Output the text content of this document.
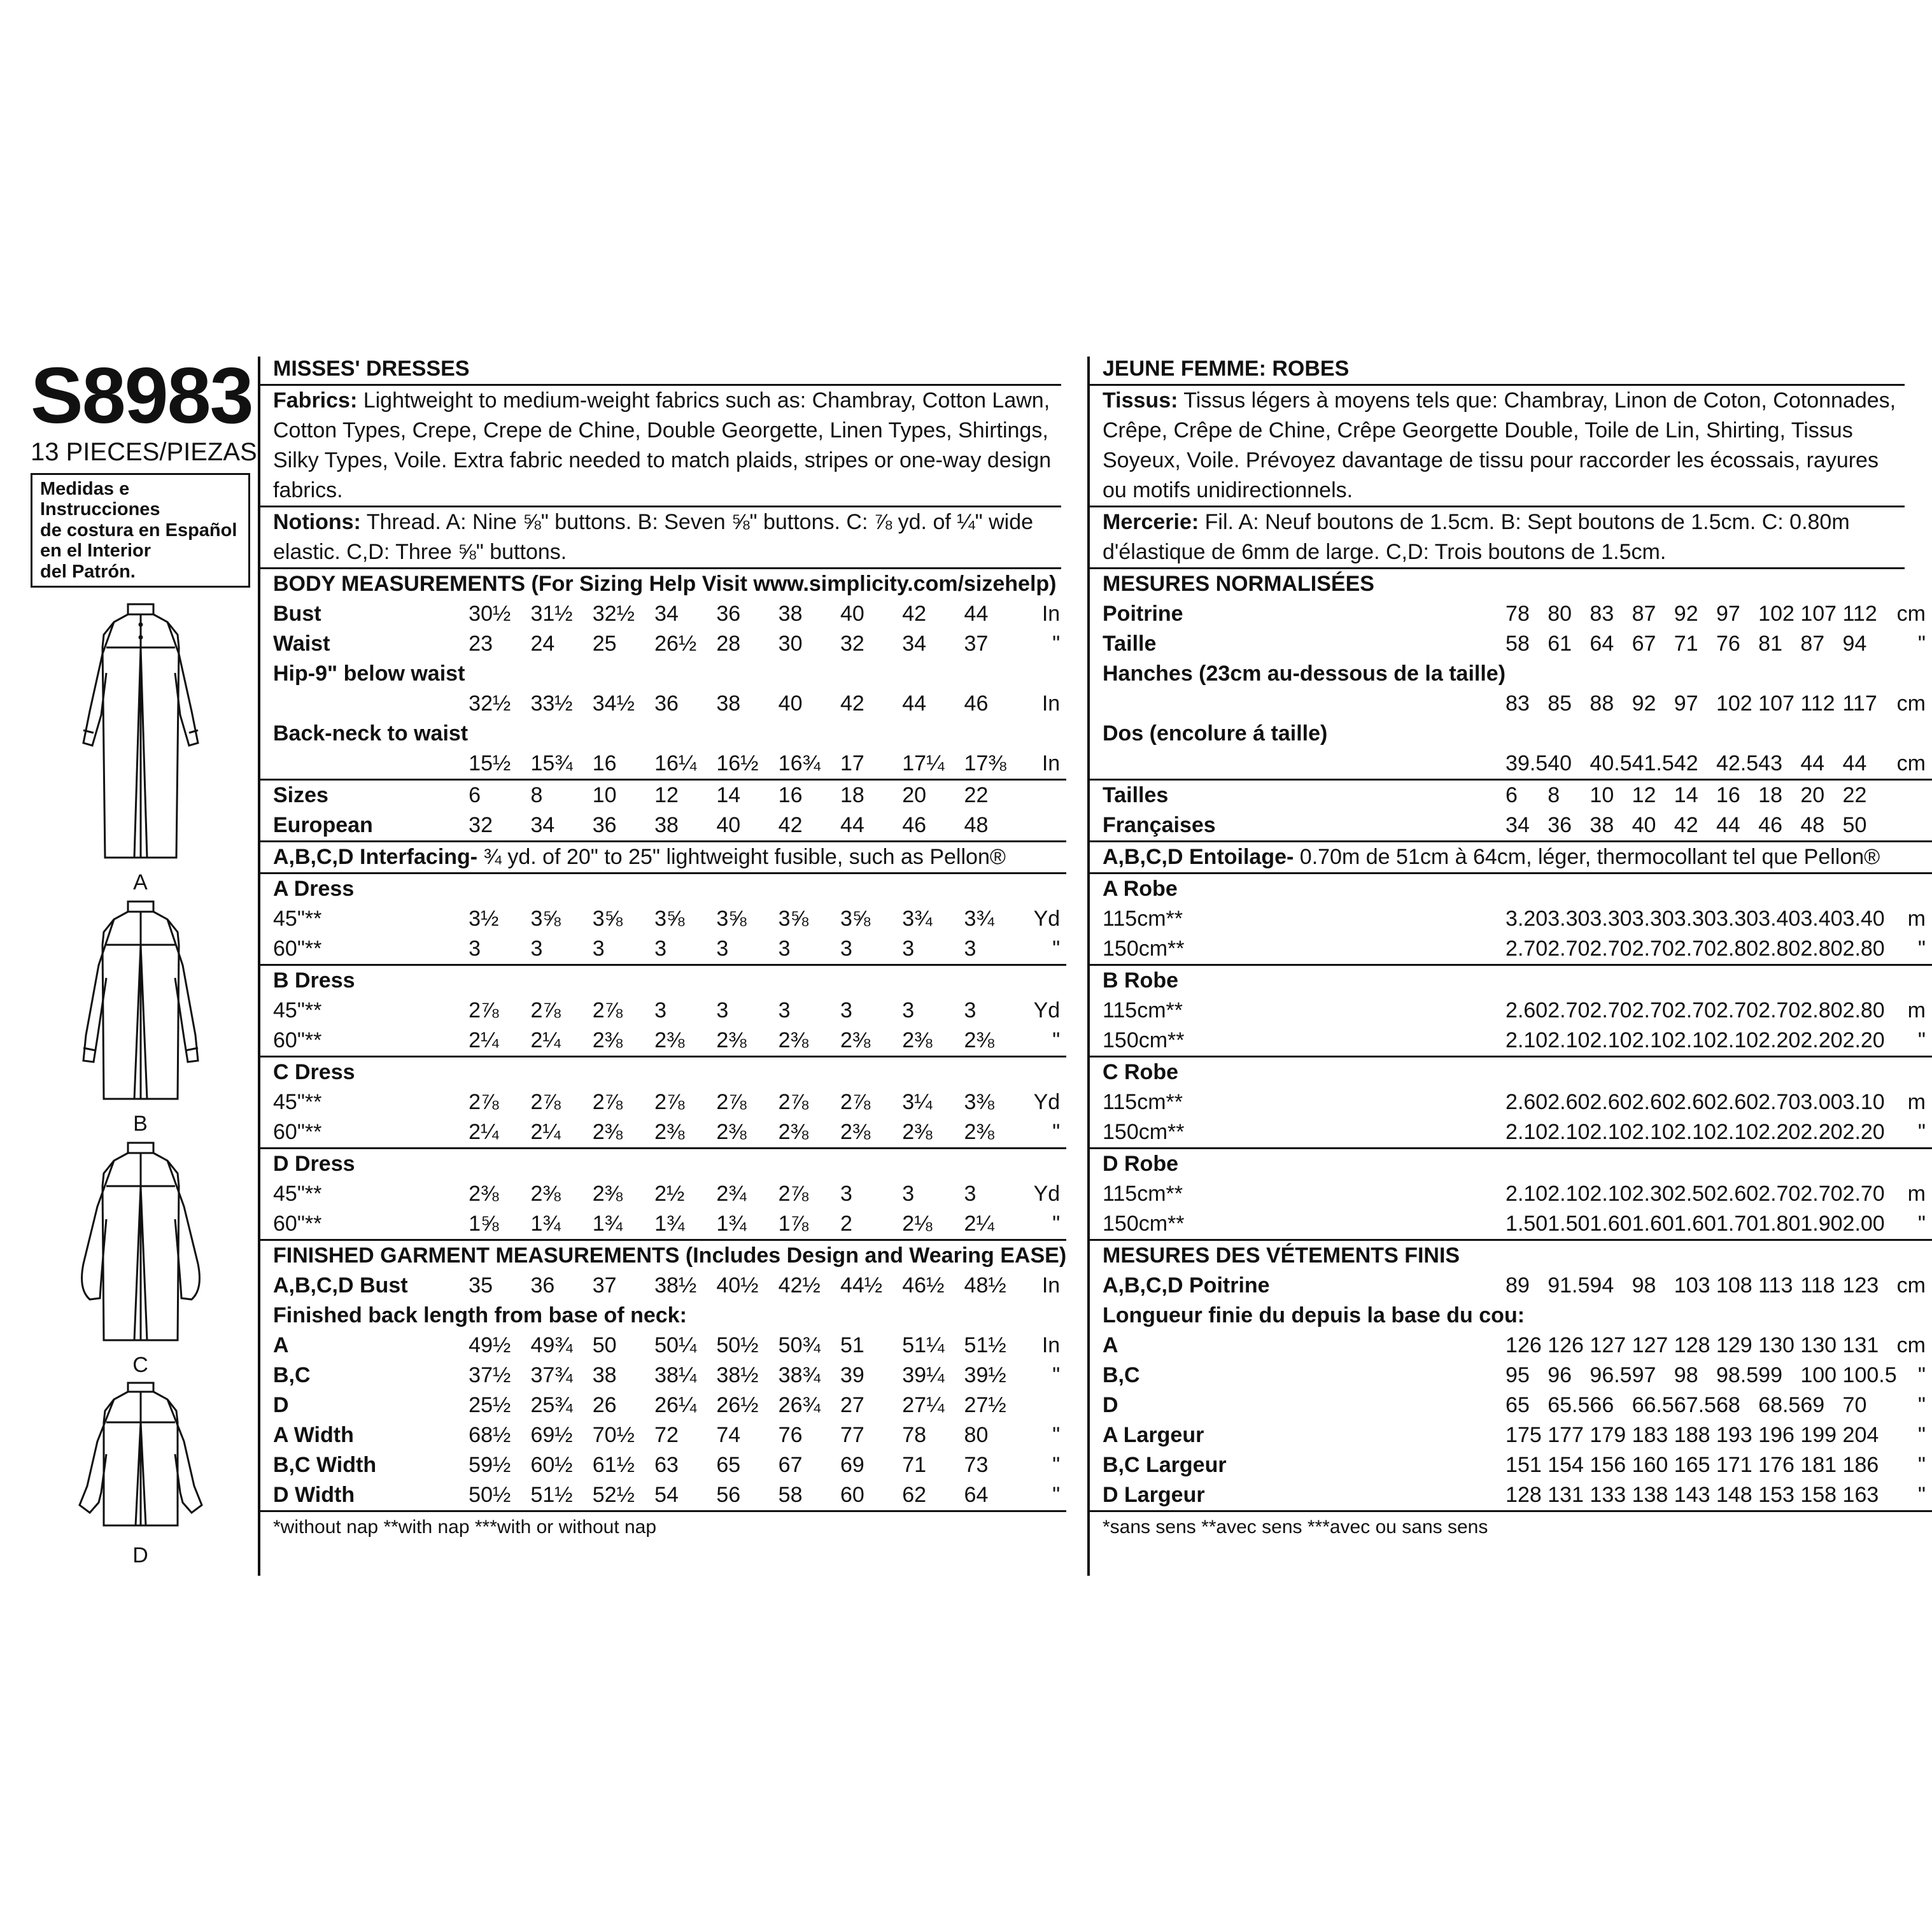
S8983
13 PIECES/PIEZAS
Medidas e Instrucciones
de costura en Español
en el Interior
del Patrón.
A
B
C
D
MISSES' DRESSES
Fabrics: Lightweight to medium-weight fabrics such as: Chambray, Cotton Lawn, Cotton Types, Crepe, Crepe de Chine, Double Georgette, Linen Types, Shirtings, Silky Types, Voile. Extra fabric needed to match plaids, stripes or one-way design fabrics.
Notions: Thread. A: Nine ⅝" buttons. B: Seven ⅝" buttons. C: ⅞ yd. of ¼" wide elastic. C,D: Three ⅝" buttons.
BODY MEASUREMENTS (For Sizing Help Visit www.simplicity.com/sizehelp)										
Bust	30½	31½	32½	34	36	38	40	42	44	In
Waist	23	24	25	26½	28	30	32	34	37	"
Hip-9" below waist										
	32½	33½	34½	36	38	40	42	44	46	In
Back-neck to waist										
	15½	15¾	16	16¼	16½	16¾	17	17¼	17⅜	In
Sizes	6	8	10	12	14	16	18	20	22	
European	32	34	36	38	40	42	44	46	48	
A,B,C,D Interfacing- ¾ yd. of 20" to 25" lightweight fusible, such as Pellon®										
A Dress										
45"**	3½	3⅝	3⅝	3⅝	3⅝	3⅝	3⅝	3¾	3¾	Yd
60"**	3	3	3	3	3	3	3	3	3	"
B Dress										
45"**	2⅞	2⅞	2⅞	3	3	3	3	3	3	Yd
60"**	2¼	2¼	2⅜	2⅜	2⅜	2⅜	2⅜	2⅜	2⅜	"
C Dress										
45"**	2⅞	2⅞	2⅞	2⅞	2⅞	2⅞	2⅞	3¼	3⅜	Yd
60"**	2¼	2¼	2⅜	2⅜	2⅜	2⅜	2⅜	2⅜	2⅜	"
D Dress										
45"**	2⅜	2⅜	2⅜	2½	2¾	2⅞	3	3	3	Yd
60"**	1⅝	1¾	1¾	1¾	1¾	1⅞	2	2⅛	2¼	"
FINISHED GARMENT MEASUREMENTS (Includes Design and Wearing EASE)										
A,B,C,D Bust	35	36	37	38½	40½	42½	44½	46½	48½	In
Finished back length from base of neck:										
A	49½	49¾	50	50¼	50½	50¾	51	51¼	51½	In
B,C	37½	37¾	38	38¼	38½	38¾	39	39¼	39½	"
D	25½	25¾	26	26¼	26½	26¾	27	27¼	27½	
A Width	68½	69½	70½	72	74	76	77	78	80	"
B,C Width	59½	60½	61½	63	65	67	69	71	73	"
D Width	50½	51½	52½	54	56	58	60	62	64	"
*without nap **with nap ***with or without nap
JEUNE FEMME: ROBES
Tissus: Tissus légers à moyens tels que: Chambray, Linon de Coton, Cotonnades, Crêpe, Crêpe de Chine, Crêpe Georgette Double, Toile de Lin, Shirting, Tissus Soyeux, Voile. Prévoyez davantage de tissu pour raccorder les écossais, rayures ou motifs unidirectionnels.
Mercerie: Fil. A: Neuf boutons de 1.5cm. B: Sept boutons de 1.5cm. C: 0.80m d'élastique de 6mm de large. C,D: Trois boutons de 1.5cm.
MESURES NORMALISÉES										
Poitrine	78	80	83	87	92	97	102	107	112	cm
Taille	58	61	64	67	71	76	81	87	94	"
Hanches (23cm au-dessous de la taille)										
	83	85	88	92	97	102	107	112	117	cm
Dos (encolure á taille)										
	39.5	40	40.5	41.5	42	42.5	43	44	44	cm
Tailles	6	8	10	12	14	16	18	20	22	
Françaises	34	36	38	40	42	44	46	48	50	
A,B,C,D Entoilage- 0.70m de 51cm à 64cm, léger, thermocollant tel que Pellon®										
A Robe										
115cm**	3.20	3.30	3.30	3.30	3.30	3.30	3.40	3.40	3.40	m
150cm**	2.70	2.70	2.70	2.70	2.70	2.80	2.80	2.80	2.80	"
B Robe										
115cm**	2.60	2.70	2.70	2.70	2.70	2.70	2.70	2.80	2.80	m
150cm**	2.10	2.10	2.10	2.10	2.10	2.10	2.20	2.20	2.20	"
C Robe										
115cm**	2.60	2.60	2.60	2.60	2.60	2.60	2.70	3.00	3.10	m
150cm**	2.10	2.10	2.10	2.10	2.10	2.10	2.20	2.20	2.20	"
D Robe										
115cm**	2.10	2.10	2.10	2.30	2.50	2.60	2.70	2.70	2.70	m
150cm**	1.50	1.50	1.60	1.60	1.60	1.70	1.80	1.90	2.00	"
MESURES DES VÉTEMENTS FINIS										
A,B,C,D Poitrine	89	91.5	94	98	103	108	113	118	123	cm
Longueur finie du depuis la base du cou:										
A	126	126	127	127	128	129	130	130	131	cm
B,C	95	96	96.5	97	98	98.5	99	100	100.5	"
D	65	65.5	66	66.5	67.5	68	68.5	69	70	"
A Largeur	175	177	179	183	188	193	196	199	204	"
B,C Largeur	151	154	156	160	165	171	176	181	186	"
D Largeur	128	131	133	138	143	148	153	158	163	"
*sans sens **avec sens ***avec ou sans sens
